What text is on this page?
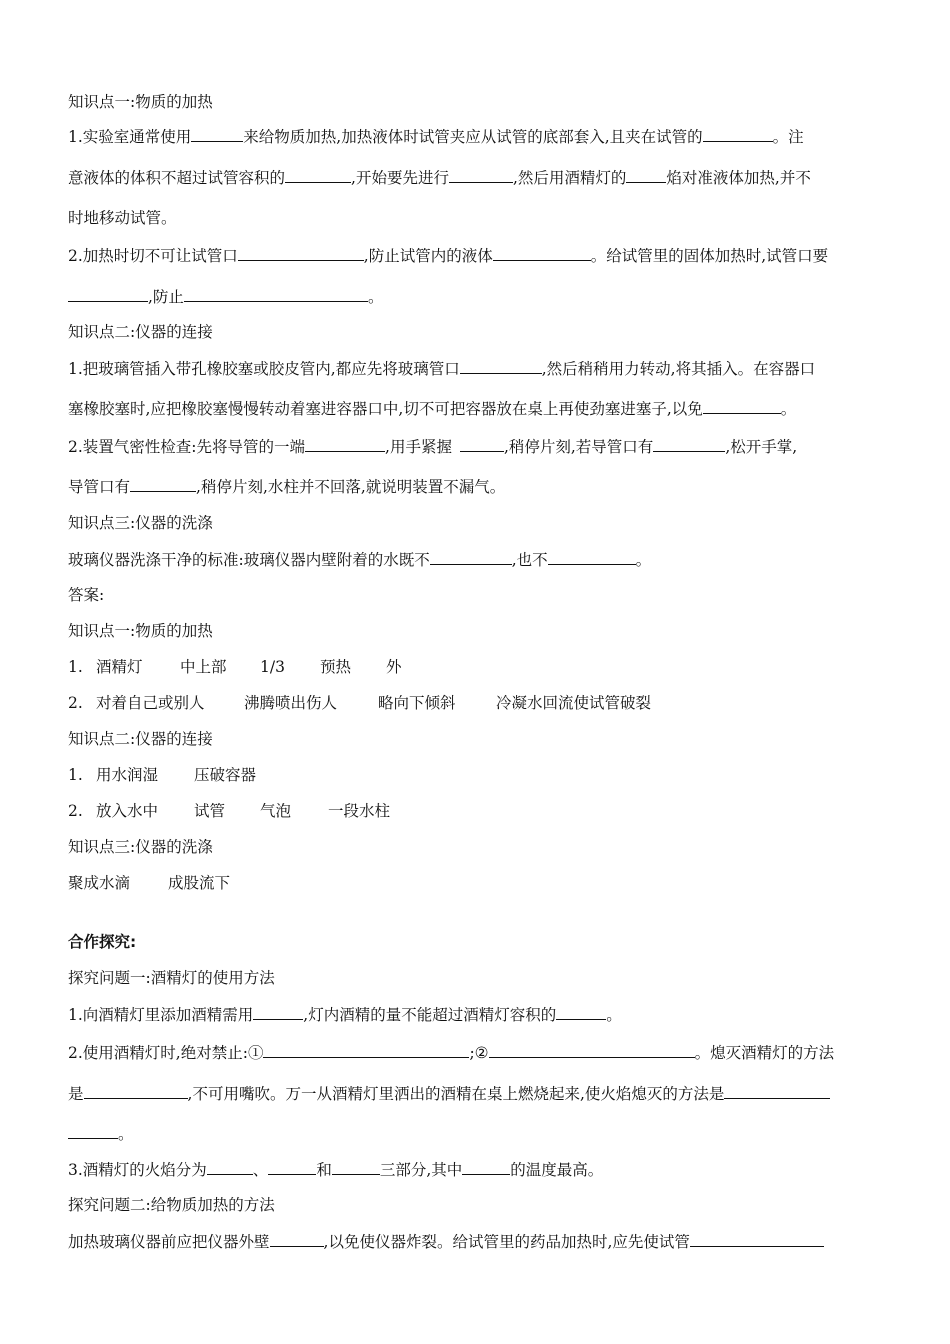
知识点一:物质的加热
1.实验室通常使用	来给物质加热,加热液体时试管夹应从试管的底部套入,且夹在试管的	。注
意液体的体积不超过试管容积的	,开始要先进行	,然后用酒精灯的	焰对准液体加热,并不
时地移动试管。
2.加热时切不可让试管口	,防止试管内的液体	。给试管里的固体加热时,试管口要
,防止	。
知识点二:仪器的连接
1.把玻璃管插入带孔橡胶塞或胶皮管内,都应先将玻璃管口	,然后稍稍用力转动,将其插入。在容器口
塞橡胶塞时,应把橡胶塞慢慢转动着塞进容器口中,切不可把容器放在桌上再使劲塞进塞子,以免	。
2.装置气密性检查:先将导管的一端	,用手紧握	,稍停片刻,若导管口有	,松开手掌,
导管口有	,稍停片刻,水柱并不回落,就说明装置不漏气。
知识点三:仪器的洗涤
玻璃仪器洗涤干净的标准:玻璃仪器内壁附着的水既不	,也不	。
答案:
知识点一:物质的加热
1. 酒精灯 中上部 1/3 预热 外
2. 对着自己或别人	沸腾喷出伤人	略向下倾斜	冷凝水回流使试管破裂
知识点二:仪器的连接
1. 用水润湿 压破容器
2. 放入水中 试管 气泡 一段水柱
知识点三:仪器的洗涤
聚成水滴 成股流下
合作探究:
探究问题一:酒精灯的使用方法
1.向酒精灯里添加酒精需用	,灯内酒精的量不能超过酒精灯容积的	。
2.使用酒精灯时,绝对禁止:①	;②	。熄灭酒精灯的方法
是	,不可用嘴吹。万一从酒精灯里洒出的酒精在桌上燃烧起来,使火焰熄灭的方法是
。
3.酒精灯的火焰分为	、	和	三部分,其中	的温度最高。
探究问题二:给物质加热的方法
加热玻璃仪器前应把仪器外壁	,以免使仪器炸裂。给试管里的药品加热时,应先使试管
